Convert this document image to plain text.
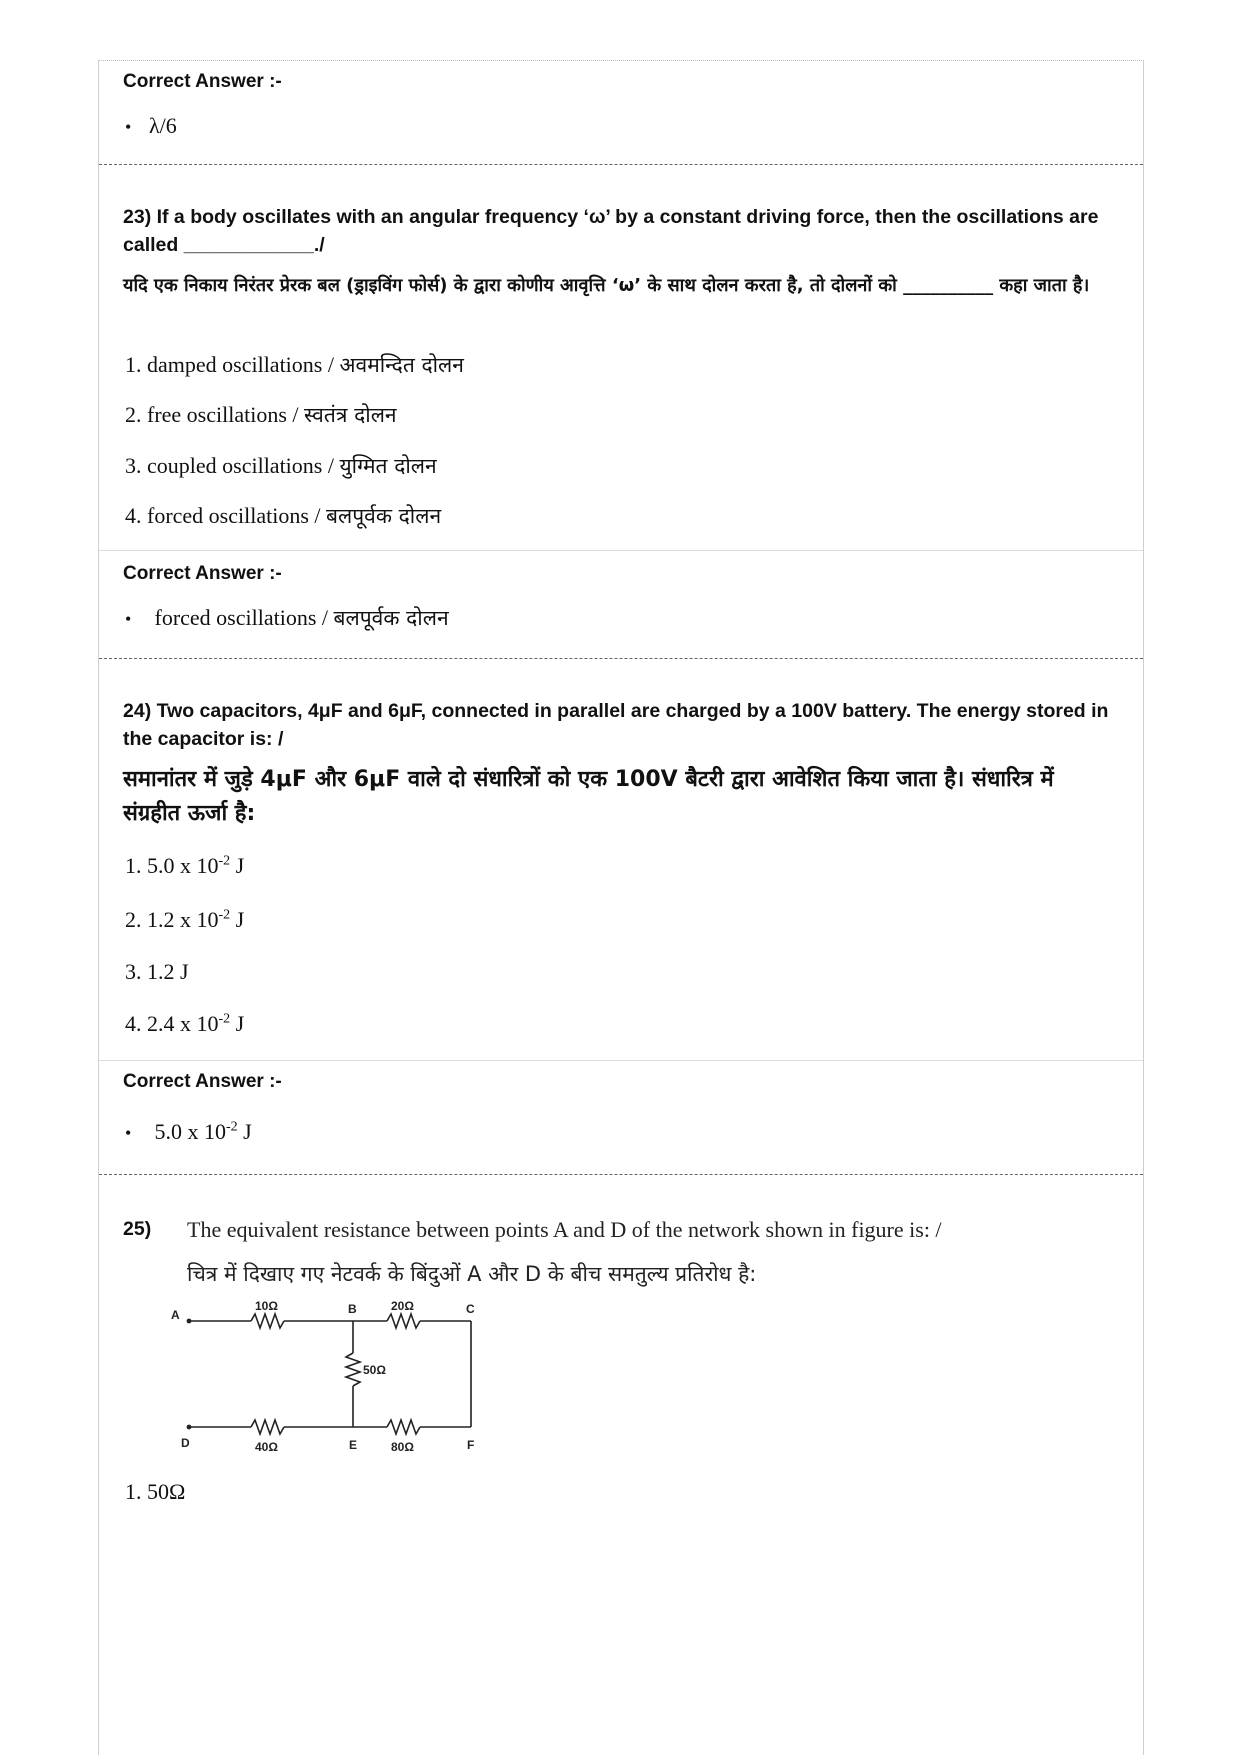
Correct Answer :-
• λ/6
23) If a body oscillates with an angular frequency ‘ω’ by a constant driving force, then the oscillations are called ____________./
यदि एक निकाय निरंतर प्रेरक बल (ड्राइविंग फोर्स) के द्वारा कोणीय आवृत्ति ‘ω’ के साथ दोलन करता है, तो दोलनों को __________ कहा जाता है।
1. damped oscillations / अवमन्दित दोलन
2. free oscillations / स्वतंत्र दोलन
3. coupled oscillations / युग्मित दोलन
4. forced oscillations / बलपूर्वक दोलन
Correct Answer :-
• forced oscillations / बलपूर्वक दोलन
24) Two capacitors, 4μF and 6μF, connected in parallel are charged by a 100V battery. The energy stored in the capacitor is: /
समानांतर में जुड़े 4μF और 6μF वाले दो संधारित्रों को एक 100V बैटरी द्वारा आवेशित किया जाता है। संधारित्र में संग्रहीत ऊर्जा है:
1. 5.0 x $10^{-2}$ J
2. 1.2 x $10^{-2}$ J
3. 1.2 J
4. 2.4 x $10^{-2}$ J
Correct Answer :-
• 5.0 x $10^{-2}$ J
25) The equivalent resistance between points A and D of the network shown in figure is: /
चित्र में दिखाए गए नेटवर्क के बिंदुओं A और D के बीच समतुल्य प्रतिरोध है:
A	B	C
D	E	F
10Ω	20Ω
50Ω
40Ω	80Ω
1. 50Ω
